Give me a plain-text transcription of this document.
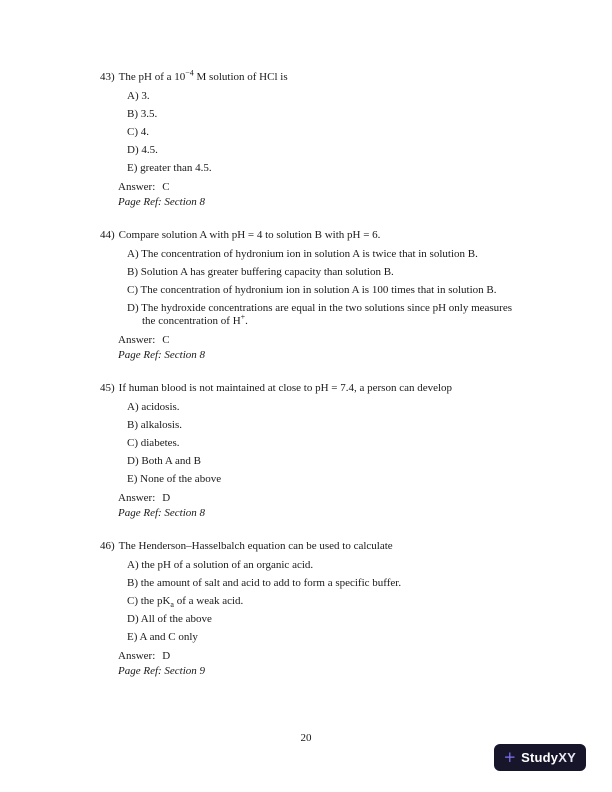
43) The pH of a $10^{-4}$ M solution of HCl is
A) 3.
B) 3.5.
C) 4.
D) 4.5.
E) greater than 4.5.
Answer: C
Page Ref: Section 8
44) Compare solution A with pH = 4 to solution B with pH = 6.
A) The concentration of hydronium ion in solution A is twice that in solution B.
B) Solution A has greater buffering capacity than solution B.
C) The concentration of hydronium ion in solution A is 100 times that in solution B.
D) The hydroxide concentrations are equal in the two solutions since pH only measures the concentration of H+.
Answer: C
Page Ref: Section 8
45) If human blood is not maintained at close to pH = 7.4, a person can develop
A) acidosis.
B) alkalosis.
C) diabetes.
D) Both A and B
E) None of the above
Answer: D
Page Ref: Section 8
46) The Henderson–Hasselbalch equation can be used to calculate
A) the pH of a solution of an organic acid.
B) the amount of salt and acid to add to form a specific buffer.
C) the $pK_a$ of a weak acid.
D) All of the above
E) A and C only
Answer: D
Page Ref: Section 9
20
+ StudyXY
